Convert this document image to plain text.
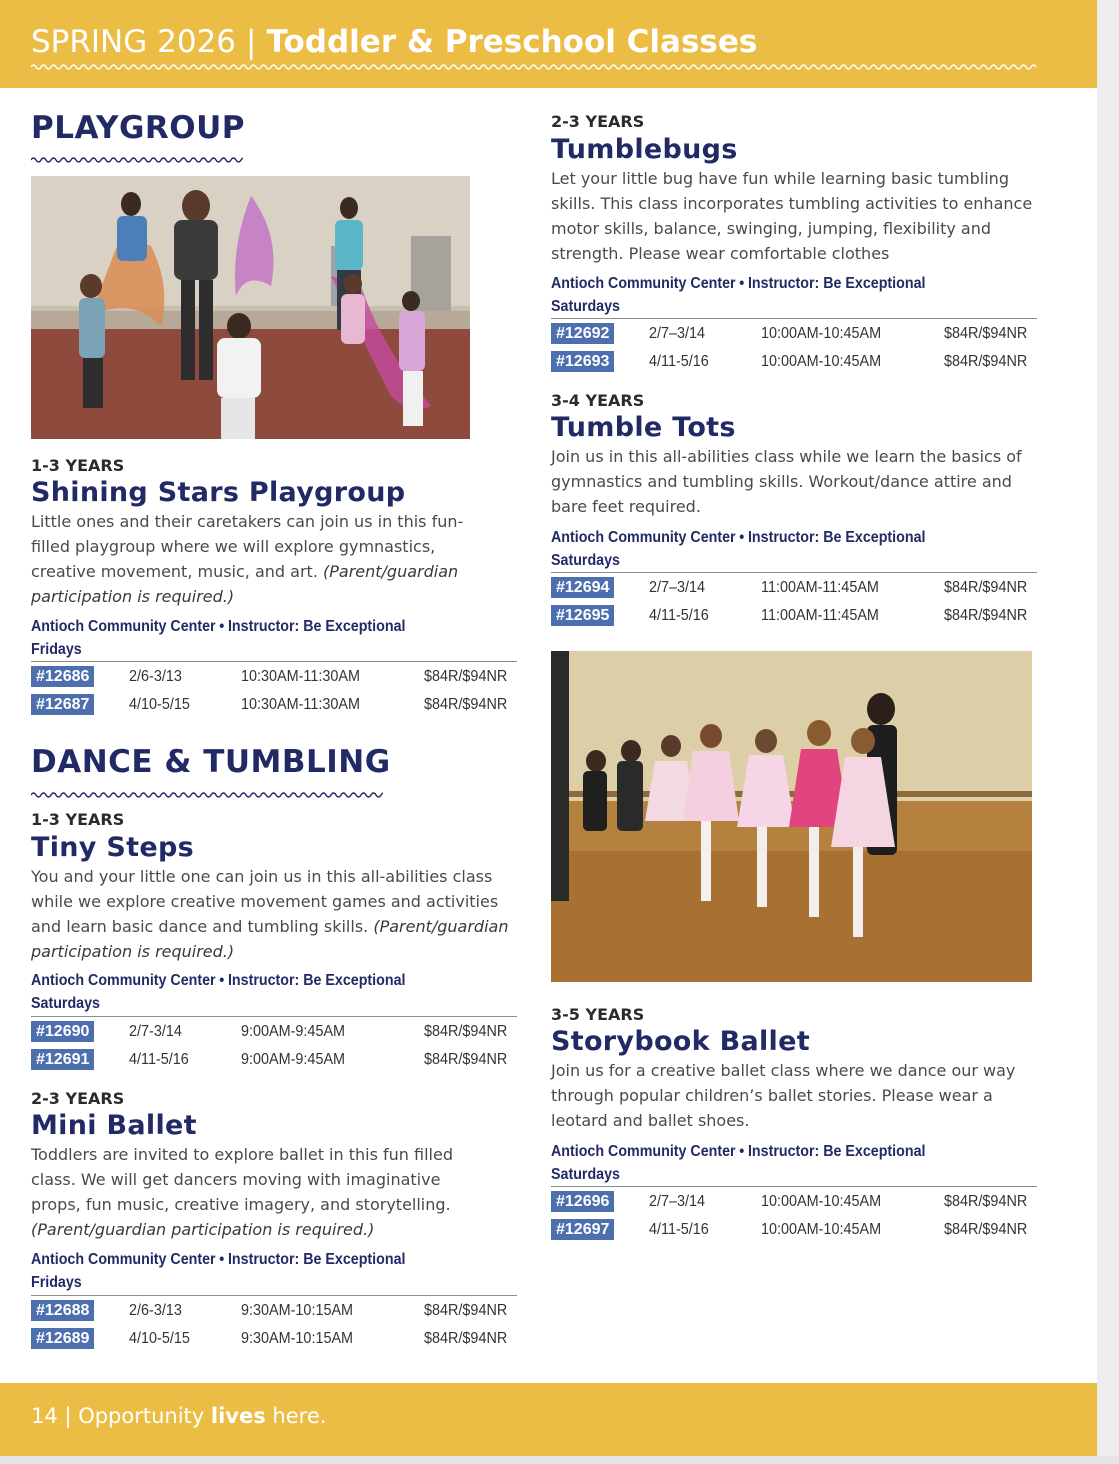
SPRING 2026 | Toddler & Preschool Classes
PLAYGROUP

1-3 YEARS

Shining Stars Playgroup

Little ones and their caretakers can join us in this fun-filled playgroup where we will explore gymnastics, creative movement, music, and art. (Parent/guardian participation is required.)

Antioch Community Center • Instructor: Be Exceptional
Fridays
#12686	2/6-3/13	10:30AM-11:30AM	$84R/$94NR
#12687	4/10-5/15	10:30AM-11:30AM	$84R/$94NR
DANCE & TUMBLING

1-3 YEARS

Tiny Steps

You and your little one can join us in this all-abilities class while we explore creative movement games and activities and learn basic dance and tumbling skills. (Parent/guardian participation is required.)

Antioch Community Center • Instructor: Be Exceptional
Saturdays
#12690	2/7-3/14	9:00AM-9:45AM	$84R/$94NR
#12691	4/11-5/16	9:00AM-9:45AM	$84R/$94NR

2-3 YEARS

Mini Ballet

Toddlers are invited to explore ballet in this fun filled class. We will get dancers moving with imaginative props, fun music, creative imagery, and storytelling. (Parent/guardian participation is required.)

Antioch Community Center • Instructor: Be Exceptional
Fridays
#12688	2/6-3/13	9:30AM-10:15AM	$84R/$94NR
#12689	4/10-5/15	9:30AM-10:15AM	$84R/$94NR

2-3 YEARS

Tumblebugs

Let your little bug have fun while learning basic tumbling skills. This class incorporates tumbling activities to enhance motor skills, balance, swinging, jumping, flexibility and strength. Please wear comfortable clothes

Antioch Community Center • Instructor: Be Exceptional
Saturdays
#12692	2/7–3/14	10:00AM-10:45AM	$84R/$94NR
#12693	4/11-5/16	10:00AM-10:45AM	$84R/$94NR

3-4 YEARS

Tumble Tots

Join us in this all-abilities class while we learn the basics of gymnastics and tumbling skills. Workout/dance attire and bare feet required.

Antioch Community Center • Instructor: Be Exceptional
Saturdays
#12694	2/7–3/14	11:00AM-11:45AM	$84R/$94NR
#12695	4/11-5/16	11:00AM-11:45AM	$84R/$94NR

3-5 YEARS

Storybook Ballet

Join us for a creative ballet class where we dance our way through popular children’s ballet stories. Please wear a leotard and ballet shoes.

Antioch Community Center • Instructor: Be Exceptional
Saturdays
#12696	2/7–3/14	10:00AM-10:45AM	$84R/$94NR
#12697	4/11-5/16	10:00AM-10:45AM	$84R/$94NR
14 | Opportunity lives here.
